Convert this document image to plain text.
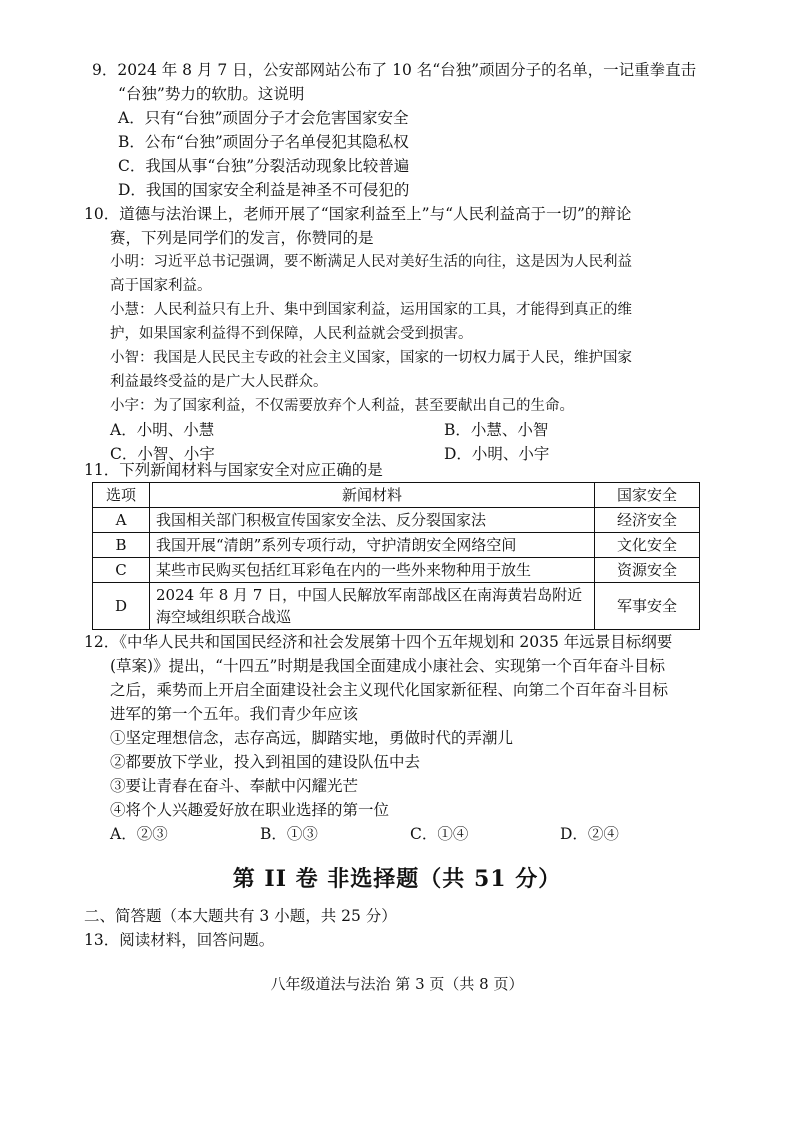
9．2024 年 8 月 7 日，公安部网站公布了 10 名“台独”顽固分子的名单，一记重拳直击
“台独”势力的软肋。这说明
A．只有“台独”顽固分子才会危害国家安全
B．公布“台独”顽固分子名单侵犯其隐私权
C．我国从事“台独”分裂活动现象比较普遍
D．我国的国家安全利益是神圣不可侵犯的
10．道德与法治课上，老师开展了“国家利益至上”与“人民利益高于一切”的辩论
赛，下列是同学们的发言，你赞同的是
小明：习近平总书记强调，要不断满足人民对美好生活的向往，这是因为人民利益
高于国家利益。
小慧：人民利益只有上升、集中到国家利益，运用国家的工具，才能得到真正的维
护，如果国家利益得不到保障，人民利益就会受到损害。
小智：我国是人民民主专政的社会主义国家，国家的一切权力属于人民，维护国家
利益最终受益的是广大人民群众。
小宇：为了国家利益，不仅需要放弃个人利益，甚至要献出自己的生命。
A．小明、小慧	B．小慧、小智
C．小智、小宇	D．小明、小宇
11．下列新闻材料与国家安全对应正确的是
选项	新闻材料	国家安全
A	我国相关部门积极宣传国家安全法、反分裂国家法	经济安全
B	我国开展“清朗”系列专项行动，守护清朗安全网络空间	文化安全
C	某些市民购买包括红耳彩龟在内的一些外来物种用于放生	资源安全
D	2024 年 8 月 7 日，中国人民解放军南部战区在南海黄岩岛附近
海空域组织联合战巡	军事安全
12．《中华人民共和国国民经济和社会发展第十四个五年规划和 2035 年远景目标纲要
(草案)》提出，“十四五”时期是我国全面建成小康社会、实现第一个百年奋斗目标
之后，乘势而上开启全面建设社会主义现代化国家新征程、向第二个百年奋斗目标
进军的第一个五年。我们青少年应该
①坚定理想信念，志存高远，脚踏实地，勇做时代的弄潮儿
②都要放下学业，投入到祖国的建设队伍中去
③要让青春在奋斗、奉献中闪耀光芒
④将个人兴趣爱好放在职业选择的第一位
A．②③	B．①③	C．①④	D．②④
第 II 卷 非选择题（共 51 分）
二、简答题（本大题共有 3 小题，共 25 分）
13．阅读材料，回答问题。
八年级道法与法治 第 3 页（共 8 页）
